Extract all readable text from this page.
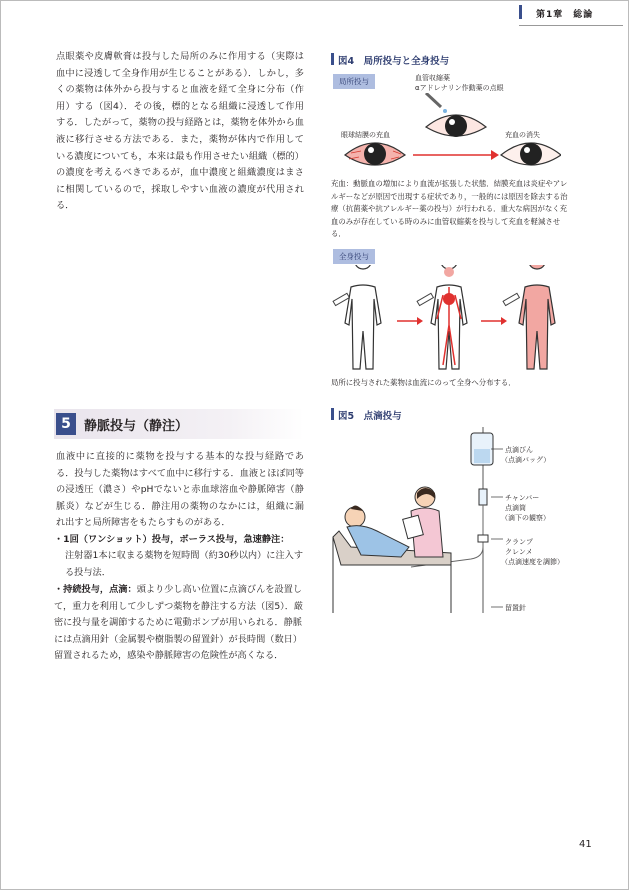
第1章　総論
点眼薬や皮膚軟膏は投与した局所のみに作用する（実際は血中に浸透して全身作用が生じることがある）．しかし，多くの薬物は体外から投与すると血液を経て全身に分布（作用）する（図4）．その後，標的となる組織に浸透して作用する．したがって，薬物の投与経路とは，薬物を体外から血液に移行させる方法である．また，薬物が体内で作用している濃度についても，本来は最も作用させたい組織（標的）の濃度を考えるべきであるが，血中濃度と組織濃度はまさに相関しているので，採取しやすい血液の濃度が代用される．
5	静脈投与（静注）
血液中に直接的に薬物を投与する基本的な投与経路である．投与した薬物はすべて血中に移行する．血液とほぼ同等の浸透圧（濃さ）やpHでないと赤血球溶血や静脈障害（静脈炎）などが生じる．静注用の薬物のなかには，組織に漏れ出すと局所障害をもたらすものがある．
・1回（ワンショット）投与，ボーラス投与，急速静注：
注射器1本に収まる薬物を短時間（約30秒以内）に注入する投与法．
・持続投与，点滴：頭より少し高い位置に点滴びんを設置して，重力を利用して少しずつ薬物を静注する方法（図5）．厳密に投与量を調節するために電動ポンプが用いられる．静脈には点滴用針（金属製や樹脂製の留置針）が長時間（数日）留置されるため，感染や静脈障害の危険性が高くなる．
図4　局所投与と全身投与
局所投与	血管収縮薬
αアドレナリン作動薬の点眼
眼球結膜の充血	充血の消失
充血：動脈血の増加により血流が拡張した状態．結膜充血は炎症やアレルギーなどが原因で出現する症状であり，一般的には原因を除去する治療（抗菌薬や抗アレルギー薬の投与）が行われる．重大な病因がなく充血のみが存在している時のみに血管収縮薬を投与して充血を軽減させる．
全身投与
局所に投与された薬物は血流にのって全身へ分布する．
図5　点滴投与
点滴びん
（点滴バッグ）
チャンバー
点滴筒
（滴下の観察）
クランプ
クレンメ
（点滴速度を調節）
留置針
41
